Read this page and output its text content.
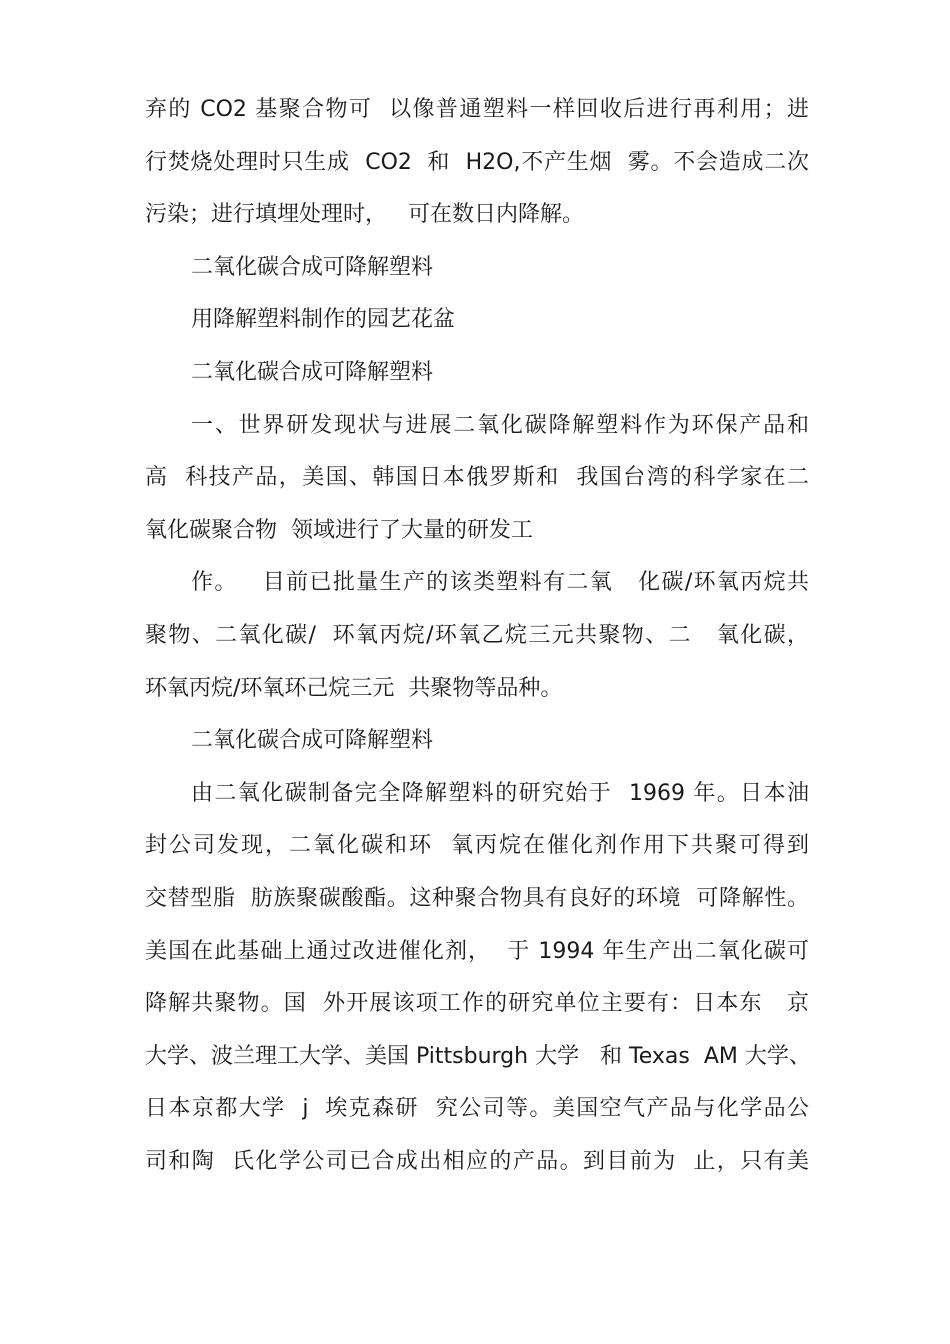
弃的 CO2 基聚合物可  以像普通塑料一样回收后进行再利用；进
行焚烧处理时只生成  CO2  和  H2O,不产生烟  雾。不会造成二次
污染；进行填埋处理时，   可在数日内降解。
二氧化碳合成可降解塑料
用降解塑料制作的园艺花盆
二氧化碳合成可降解塑料
一、世界研发现状与进展二氧化碳降解塑料作为环保产品和
高  科技产品，美国、韩国日本俄罗斯和  我国台湾的科学家在二
氧化碳聚合物  领域进行了大量的研发工
作。   目前已批量生产的该类塑料有二氧   化碳/环氧丙烷共
聚物、二氧化碳/  环氧丙烷/环氧乙烷三元共聚物、二   氧化碳，
环氧丙烷/环氧环己烷三元  共聚物等品种。
二氧化碳合成可降解塑料
由二氧化碳制备完全降解塑料的研究始于  1969 年。日本油
封公司发现，二氧化碳和环  氧丙烷在催化剂作用下共聚可得到
交替型脂  肪族聚碳酸酯。这种聚合物具有良好的环境  可降解性。
美国在此基础上通过改进催化剂，  于 1994 年生产出二氧化碳可
降解共聚物。国  外开展该项工作的研究单位主要有：日本东   京
大学、波兰理工大学、美国 Pittsburgh 大学   和 Texas  AM 大学、
日本京都大学  j  埃克森研  究公司等。美国空气产品与化学品公
司和陶  氏化学公司已合成出相应的产品。到目前为  止，只有美
